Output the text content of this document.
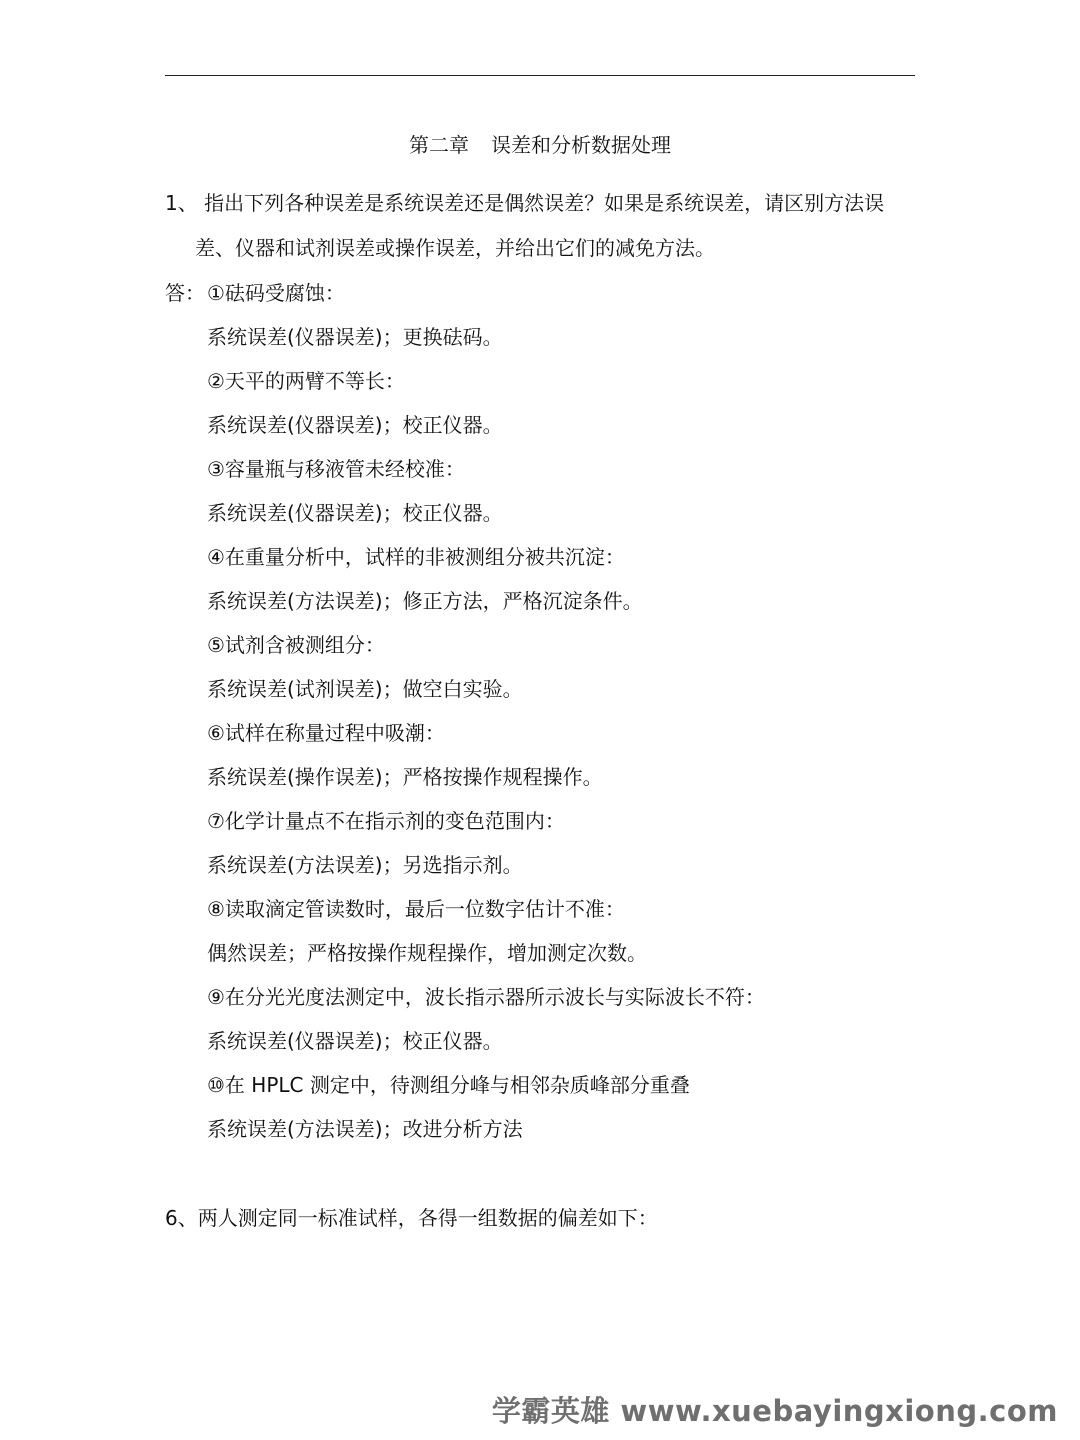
第二章 误差和分析数据处理
1、 指出下列各种误差是系统误差还是偶然误差？如果是系统误差，请区别方法误
差、仪器和试剂误差或操作误差，并给出它们的减免方法。
答： ①砝码受腐蚀：
系统误差(仪器误差)；更换砝码。
②天平的两臂不等长：
系统误差(仪器误差)；校正仪器。
③容量瓶与移液管未经校准：
系统误差(仪器误差)；校正仪器。
④在重量分析中，试样的非被测组分被共沉淀：
系统误差(方法误差)；修正方法，严格沉淀条件。
⑤试剂含被测组分：
系统误差(试剂误差)；做空白实验。
⑥试样在称量过程中吸潮：
系统误差(操作误差)；严格按操作规程操作。
⑦化学计量点不在指示剂的变色范围内：
系统误差(方法误差)；另选指示剂。
⑧读取滴定管读数时，最后一位数字估计不准：
偶然误差；严格按操作规程操作，增加测定次数。
⑨在分光光度法测定中，波长指示器所示波长与实际波长不符：
系统误差(仪器误差)；校正仪器。
⑩在 HPLC 测定中，待测组分峰与相邻杂质峰部分重叠
系统误差(方法误差)；改进分析方法
6、两人测定同一标准试样，各得一组数据的偏差如下：
学霸英雄 www.xuebayingxiong.com
